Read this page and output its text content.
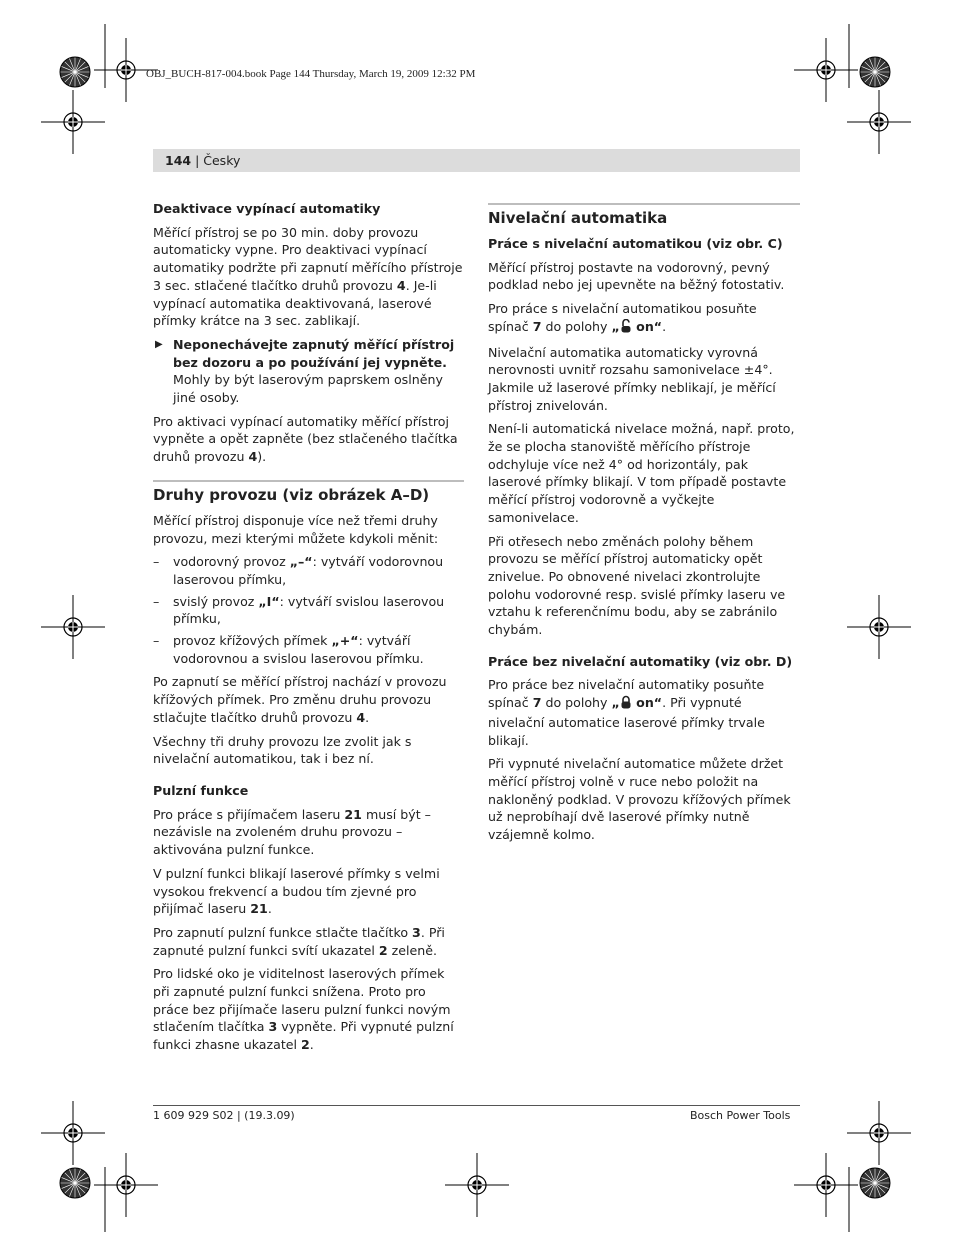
OBJ_BUCH-817-004.book Page 144 Thursday, March 19, 2009 12:32 PM
144 | Česky
Deaktivace vypínací automatiky

Měřící přístroj se po 30 min. doby provozu automaticky vypne. Pro deaktivaci vypínací automatiky podržte při zapnutí měřícího přístroje 3 sec. stlačené tlačítko druhů provozu 4. Je-li vypínací automatika deaktivovaná, laserové přímky krátce na 3 sec. zablikají.

▶ Neponechávejte zapnutý měřící přístroj bez dozoru a po používání jej vypněte. Mohly by být laserovým paprskem oslněny jiné osoby.

Pro aktivaci vypínací automatiky měřící přístroj vypněte a opět zapněte (bez stlačeného tlačítka druhů provozu 4).

Druhy provozu (viz obrázek A–D)

Měřící přístroj disponuje více než třemi druhy provozu, mezi kterými můžete kdykoli měnit:

– vodorovný provoz „–“: vytváří vodorovnou laserovou přímku,
– svislý provoz „I“: vytváří svislou laserovou přímku,
– provoz křížových přímek „+“: vytváří vodorovnou a svislou laserovou přímku.

Po zapnutí se měřící přístroj nachází v provozu křížových přímek. Pro změnu druhu provozu stlačujte tlačítko druhů provozu 4.

Všechny tři druhy provozu lze zvolit jak s nivelační automatikou, tak i bez ní.

Pulzní funkce

Pro práce s přijímačem laseru 21 musí být – nezávisle na zvoleném druhu provozu – aktivována pulzní funkce.

V pulzní funkci blikají laserové přímky s velmi vysokou frekvencí a budou tím zjevné pro přijímač laseru 21.

Pro zapnutí pulzní funkce stlačte tlačítko 3. Při zapnuté pulzní funkci svítí ukazatel 2 zeleně.

Pro lidské oko je viditelnost laserových přímek při zapnuté pulzní funkci snížena. Proto pro práce bez přijímače laseru pulzní funkci novým stlačením tlačítka 3 vypněte. Při vypnuté pulzní funkci zhasne ukazatel 2.

Nivelační automatika
Práce s nivelační automatikou (viz obr. C)

Měřící přístroj postavte na vodorovný, pevný podklad nebo jej upevněte na běžný fotostativ.

Pro práce s nivelační automatikou posuňte spínač 7 do polohy „ on“.

Nivelační automatika automaticky vyrovná nerovnosti uvnitř rozsahu samonivelace ±4°. Jakmile už laserové přímky neblikají, je měřící přístroj znivelován.

Není-li automatická nivelace možná, např. proto, že se plocha stanoviště měřícího přístroje odchyluje více než 4° od horizontály, pak laserové přímky blikají. V tom případě postavte měřící přístroj vodorovně a vyčkejte samonivelace.

Při otřesech nebo změnách polohy během provozu se měřící přístroj automaticky opět znivelue. Po obnovené nivelaci zkontrolujte polohu vodorovné resp. svislé přímky laseru ve vztahu k referenčnímu bodu, aby se zabránilo chybám.

Práce bez nivelační automatiky (viz obr. D)

Pro práce bez nivelační automatiky posuňte spínač 7 do polohy „ on“. Při vypnuté nivelační automatice laserové přímky trvale blikají.

Při vypnuté nivelační automatice můžete držet měřící přístroj volně v ruce nebo položit na nakloněný podklad. V provozu křížových přímek už neprobíhají dvě laserové přímky nutně vzájemně kolmo.

1 609 929 S02 | (19.3.09)	Bosch Power Tools
